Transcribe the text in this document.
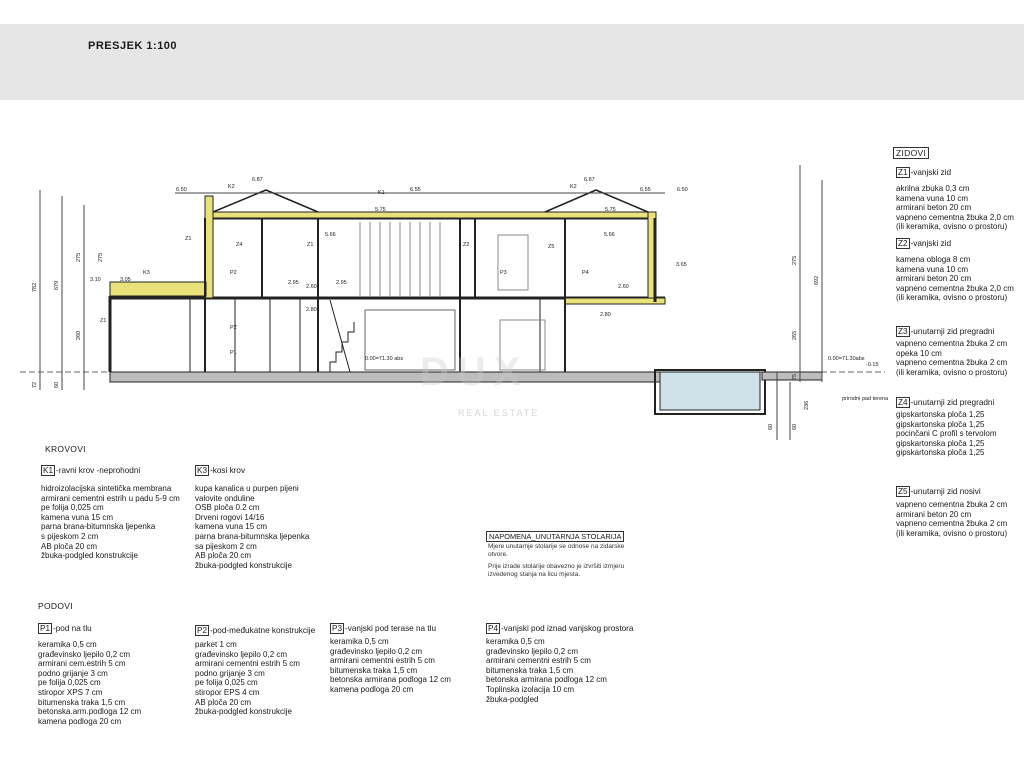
PRESJEK 1:100
6.50
6.87
6.55
6.87
6.55	6.50
5.75	5.75
5.66	5.66
2.95	2.95
3.10	3.05
3.65
2.60	2.60
2.80
2.80
782	679
275
260
275
72	60
692
275
265
75
60
236
60
K2
K1
K2
K3
Z1
Z4	Z1	Z2
P2
P2
P3	P4
P1
Z1
Z5
0.00=71.30 abs	0.00=71.30abs
-0.15
prirodni pad terena
DUX
REAL ESTATE
KROVOVI
K1 -ravni krov -neprohodni
hidroizolacijska sintetička membrana
armirani cementni estrih u padu 5-9 cm
pe folija 0,025 cm
kamena vuna 15 cm
parna brana-bitumnska ljepenka
s pijeskom 2 cm
AB ploča 20 cm
žbuka-podgled konstrukcije
K3 -kosi krov
kupa kanalica u purpen pijeni
valovite onduline
OSB ploča 0.2 cm
Drveni rogovi 14/16
kamena vuna 15 cm
parna brana-bitumnska ljepenka
sa pijeskom 2 cm
AB ploča 20 cm
žbuka-podgled konstrukcije
NAPOMENA_UNUTARNJA STOLARIJA
Mjere unutarnje stolarije se odnose na zidarske
otvore.
Prije izrade stolarije obavezno je izvršiti izmjeru
izvedenog stanja na licu mjesta.
PODOVI
P1 -pod na tlu
keramika 0,5 cm
građevinsko ljepilo 0,2 cm
armirani cem.estrih 5 cm
podno grijanje 3 cm
pe folija 0,025 cm
stiropor XPS 7 cm
bitumenska traka 1,5 cm
betonska.arm.podloga 12 cm
kamena podloga 20 cm
P2 -pod-međukatne konstrukcije
parket 1 cm
građevinsko ljepilo 0,2 cm
armirani cementni estrih 5 cm
podno grijanje 3 cm
pe folija 0,025 cm
stiropor EPS 4 cm
AB ploča 20 cm
žbuka-podgled konstrukcije
P3 -vanjski pod terase na tlu
keramika 0,5 cm
građevinsko ljepilo 0,2 cm
armirani cementni estrih 5 cm
bitumenska traka 1,5 cm
betonska armirana podloga 12 cm
kamena podloga 20 cm
P4 -vanjski pod iznad vanjskog prostora
keramika 0,5 cm
građevinsko ljepilo 0,2 cm
armirani cementni estrih 5 cm
bitumenska traka 1,5 cm
betonska armirana podloga 12 cm
Toplinska izolacija 10 cm
žbuka-podgled
ZIDOVI
Z1 -vanjski zid
akrilna zbuka 0,3 cm
kamena vuna 10 cm
armirani beton 20 cm
vapneno cementna žbuka 2,0 cm
(ili keramika, ovisno o prostoru)
Z2 -vanjski zid
kamena obloga 8 cm
kamena vuna 10 cm
armirani beton 20 cm
vapneno cementna žbuka 2,0 cm
(ili keramika, ovisno o prostoru)
Z3 -unutarnji zid pregradni
vapneno cementna žbuka 2 cm
opeka 10 cm
vapneno cementna žbuka 2 cm
(ili keramika, ovisno o prostoru)
Z4 -unutarnji zid pregradni
gipskartonska ploča 1,25
gipskartonska ploča 1,25
pocinčani C profil s tervolom
gipskartonska ploča 1,25
gipskartonska ploča 1,25
Z5 -unutarnji zid nosivi
vapneno cementna žbuka 2 cm
armirani beton 20 cm
vapneno cementna žbuka 2 cm
(ili keramika, ovisno o prostoru)
